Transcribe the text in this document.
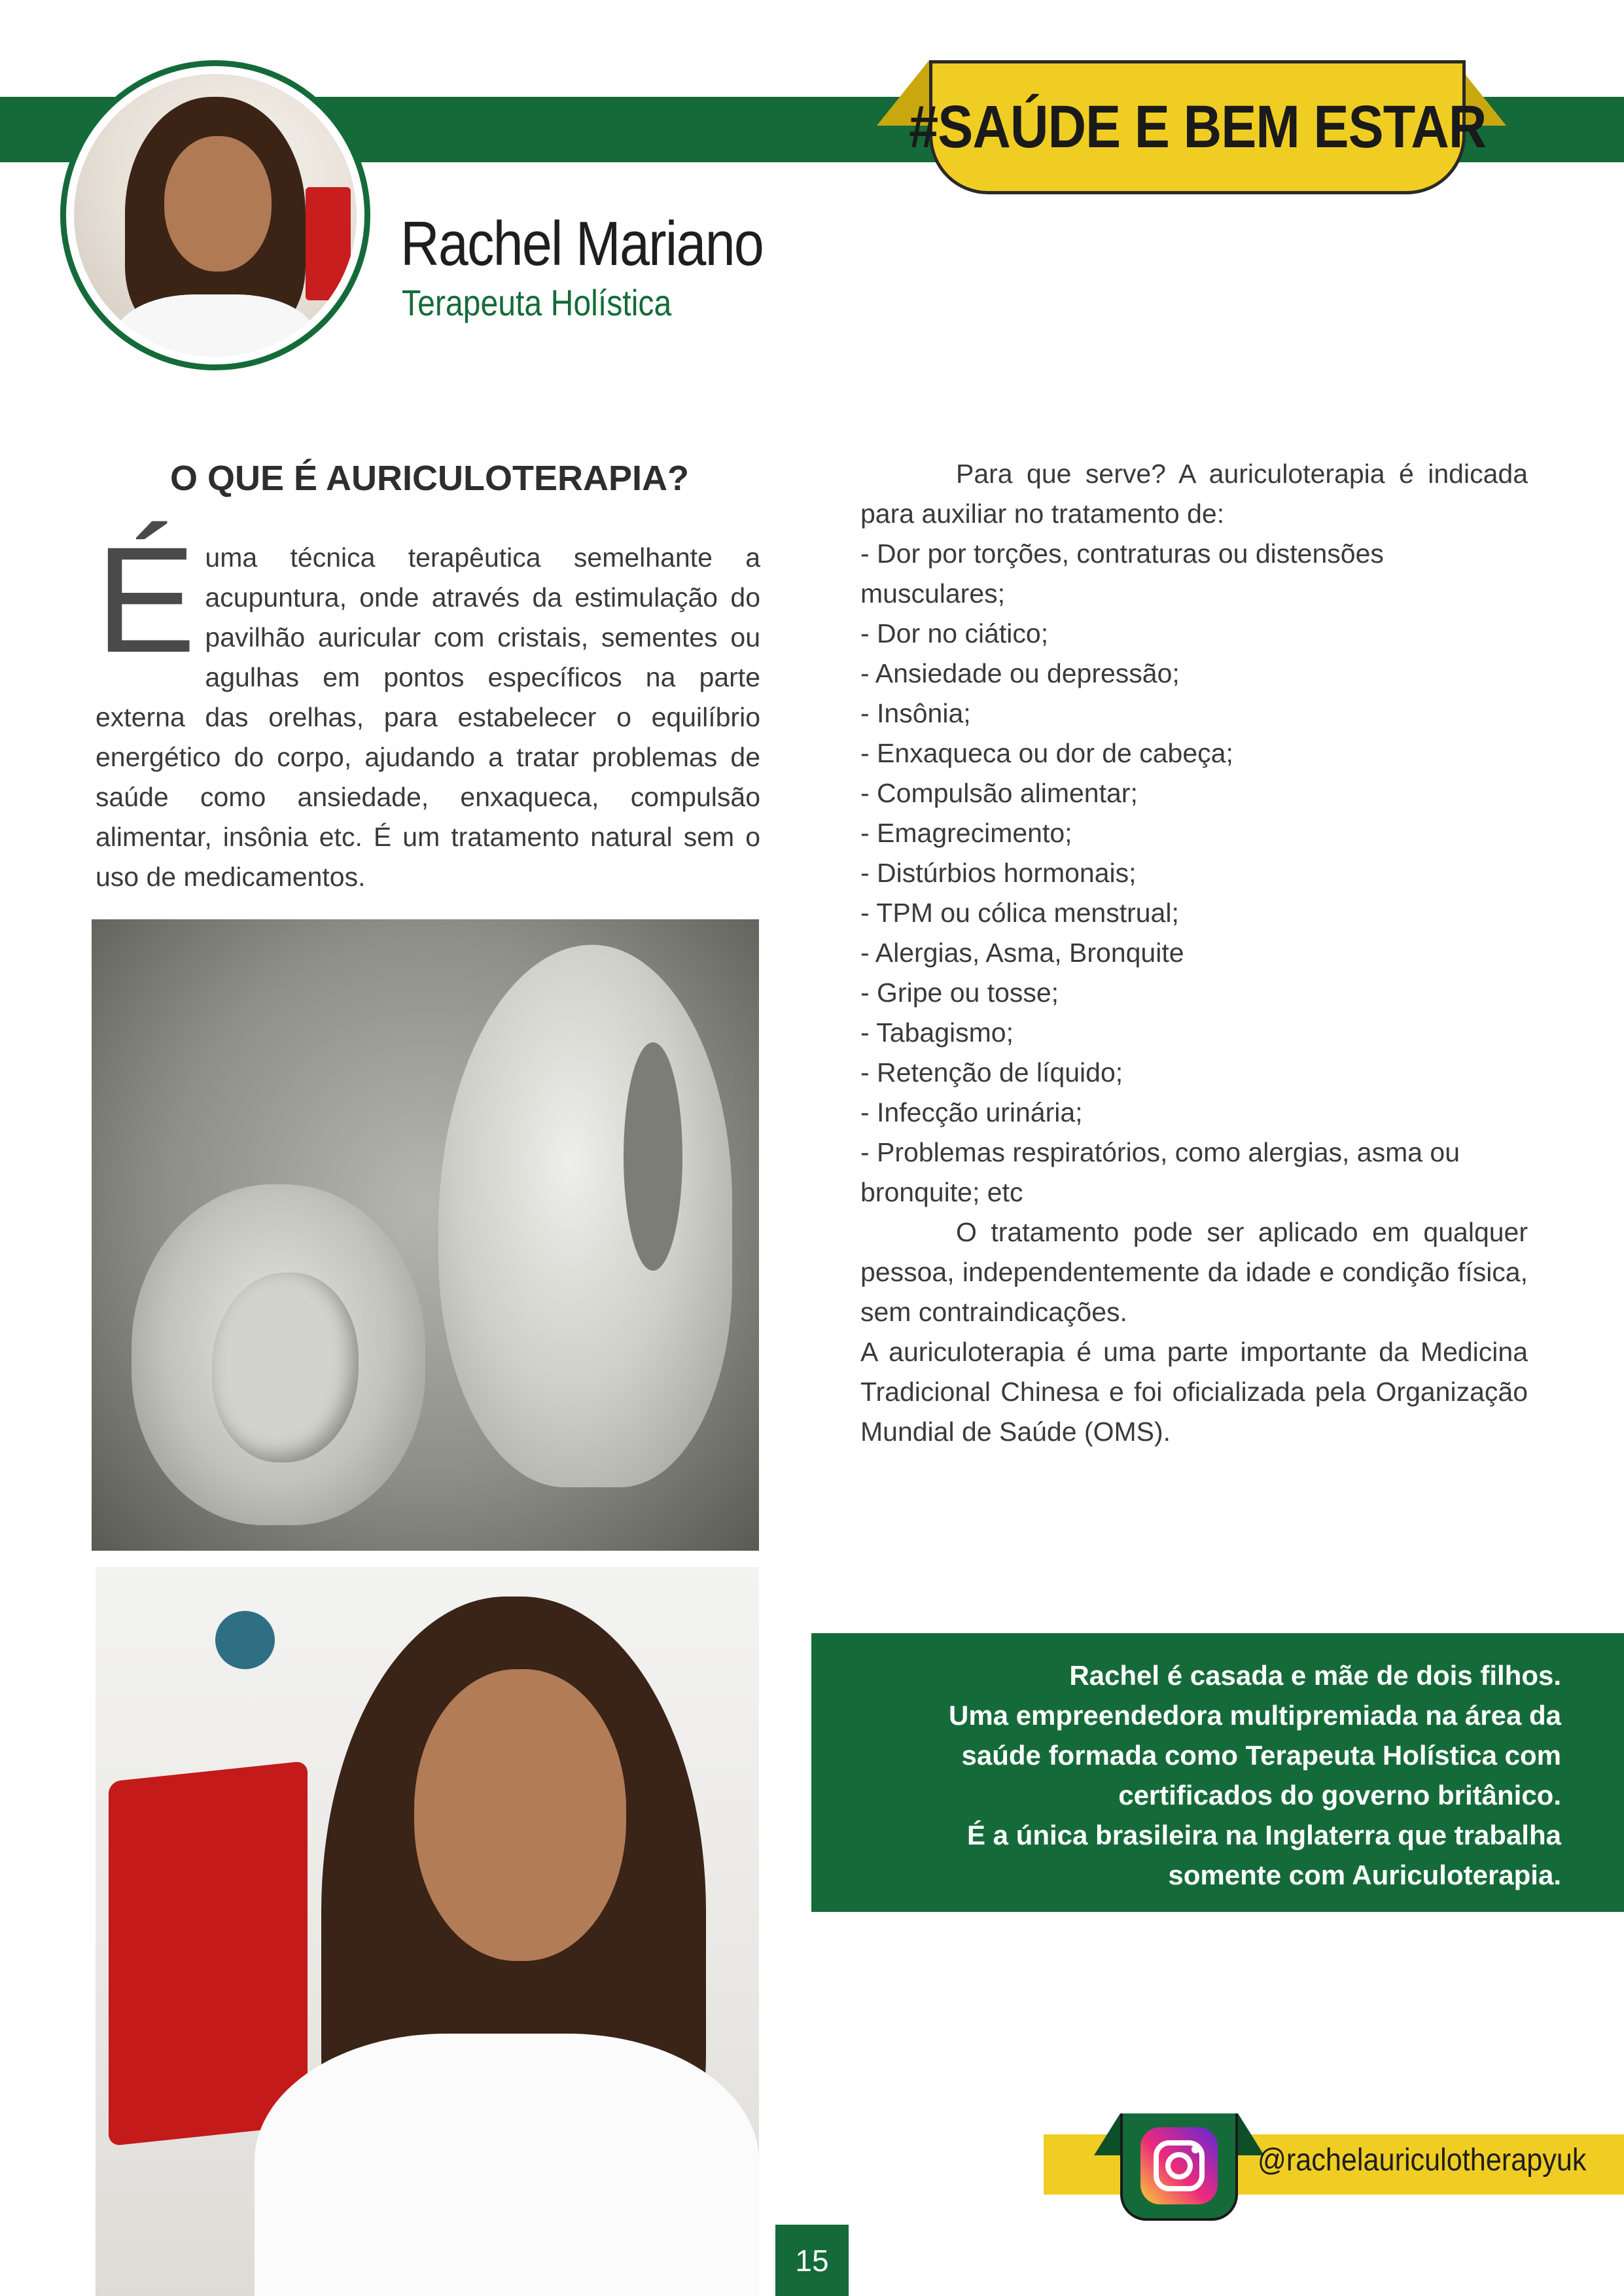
#SAÚDE E BEM ESTAR
Rachel Mariano
Terapeuta Holística
O QUE É AURICULOTERAPIA?
É uma técnica terapêutica semelhante a acupuntura, onde através da estimulação do pavilhão auricular com cristais, sementes ou agulhas em pontos específicos na parte externa das orelhas, para estabelecer o equilíbrio energético do corpo, ajudando a tratar problemas de saúde como ansiedade, enxaqueca, compulsão alimentar, insônia etc. É um tratamento natural sem o uso de medicamentos.

Para que serve? A auriculoterapia é indicada para auxiliar no tratamento de:

- Dor por torções, contraturas ou distensões musculares;
- Dor no ciático;
- Ansiedade ou depressão;
- Insônia;
- Enxaqueca ou dor de cabeça;
- Compulsão alimentar;
- Emagrecimento;
- Distúrbios hormonais;
- TPM ou cólica menstrual;
- Alergias, Asma, Bronquite
- Gripe ou tosse;
- Tabagismo;
- Retenção de líquido;
- Infecção urinária;
- Problemas respiratórios, como alergias, asma ou bronquite; etc

O tratamento pode ser aplicado em qualquer pessoa, independentemente da idade e condição física, sem contraindicações.

A auriculoterapia é uma parte importante da Medicina Tradicional Chinesa e foi oficializada pela Organização Mundial de Saúde (OMS).

Rachel é casada e mãe de dois filhos.
Uma empreendedora multipremiada na área da
saúde formada como Terapeuta Holística com
certificados do governo britânico.
É a única brasileira na Inglaterra que trabalha
somente com Auriculoterapia.
@rachelauriculotherapyuk
15
